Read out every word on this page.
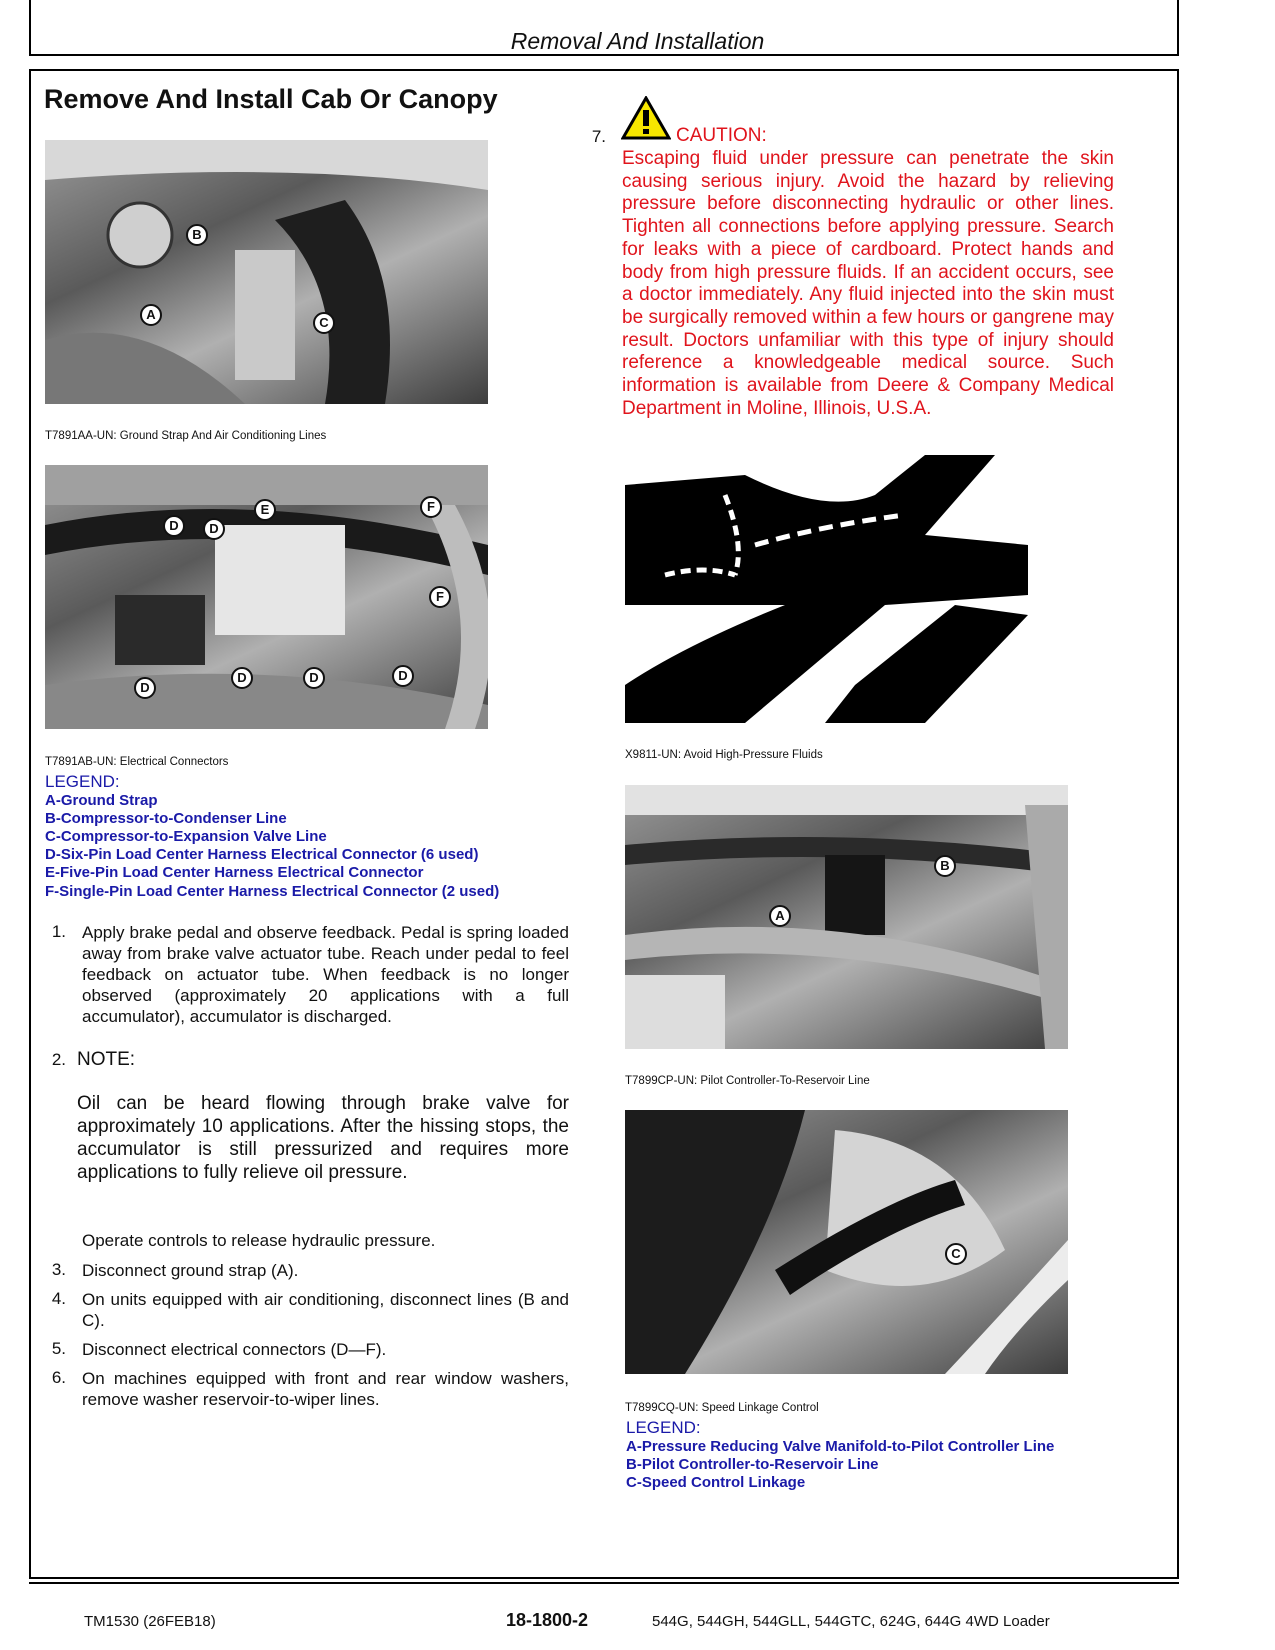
Removal And Installation
Remove And Install Cab Or Canopy
A
B
C
T7891AA-UN: Ground Strap And Air Conditioning Lines
D	D
E	F
F
D
D	D	D
T7891AB-UN: Electrical Connectors
LEGEND:
A-Ground Strap
B-Compressor-to-Condenser Line
C-Compressor-to-Expansion Valve Line
D-Six-Pin Load Center Harness Electrical Connector (6 used)
E-Five-Pin Load Center Harness Electrical Connector
F-Single-Pin Load Center Harness Electrical Connector (2 used)
1. Apply brake pedal and observe feedback. Pedal is spring loaded away from brake valve actuator tube. Reach under pedal to feel feedback on actuator tube. When feedback is no longer observed (approximately 20 applications with a full accumulator), accumulator is discharged.
2. NOTE:
Oil can be heard flowing through brake valve for approximately 10 applications. After the hissing stops, the accumulator is still pressurized and requires more applications to fully relieve oil pressure.
Operate controls to release hydraulic pressure.
3. Disconnect ground strap (A).
4. On units equipped with air conditioning, disconnect lines (B and C).
5. Disconnect electrical connectors (D—F).
6. On machines equipped with front and rear window washers, remove washer reservoir-to-wiper lines.
7.	CAUTION:
Escaping fluid under pressure can penetrate the skin causing serious injury. Avoid the hazard by relieving pressure before disconnecting hydraulic or other lines. Tighten all connections before applying pressure. Search for leaks with a piece of cardboard. Protect hands and body from high pressure fluids. If an accident occurs, see a doctor immediately. Any fluid injected into the skin must be surgically removed within a few hours or gangrene may result. Doctors unfamiliar with this type of injury should reference a knowledgeable medical source. Such information is available from Deere & Company Medical Department in Moline, Illinois, U.S.A.
X9811-UN: Avoid High-Pressure Fluids
A
B
T7899CP-UN: Pilot Controller-To-Reservoir Line
C
T7899CQ-UN: Speed Linkage Control
LEGEND:
A-Pressure Reducing Valve Manifold-to-Pilot Controller Line
B-Pilot Controller-to-Reservoir Line
C-Speed Control Linkage
TM1530 (26FEB18)	18-1800-2	544G, 544GH, 544GLL, 544GTC, 624G, 644G 4WD Loader
